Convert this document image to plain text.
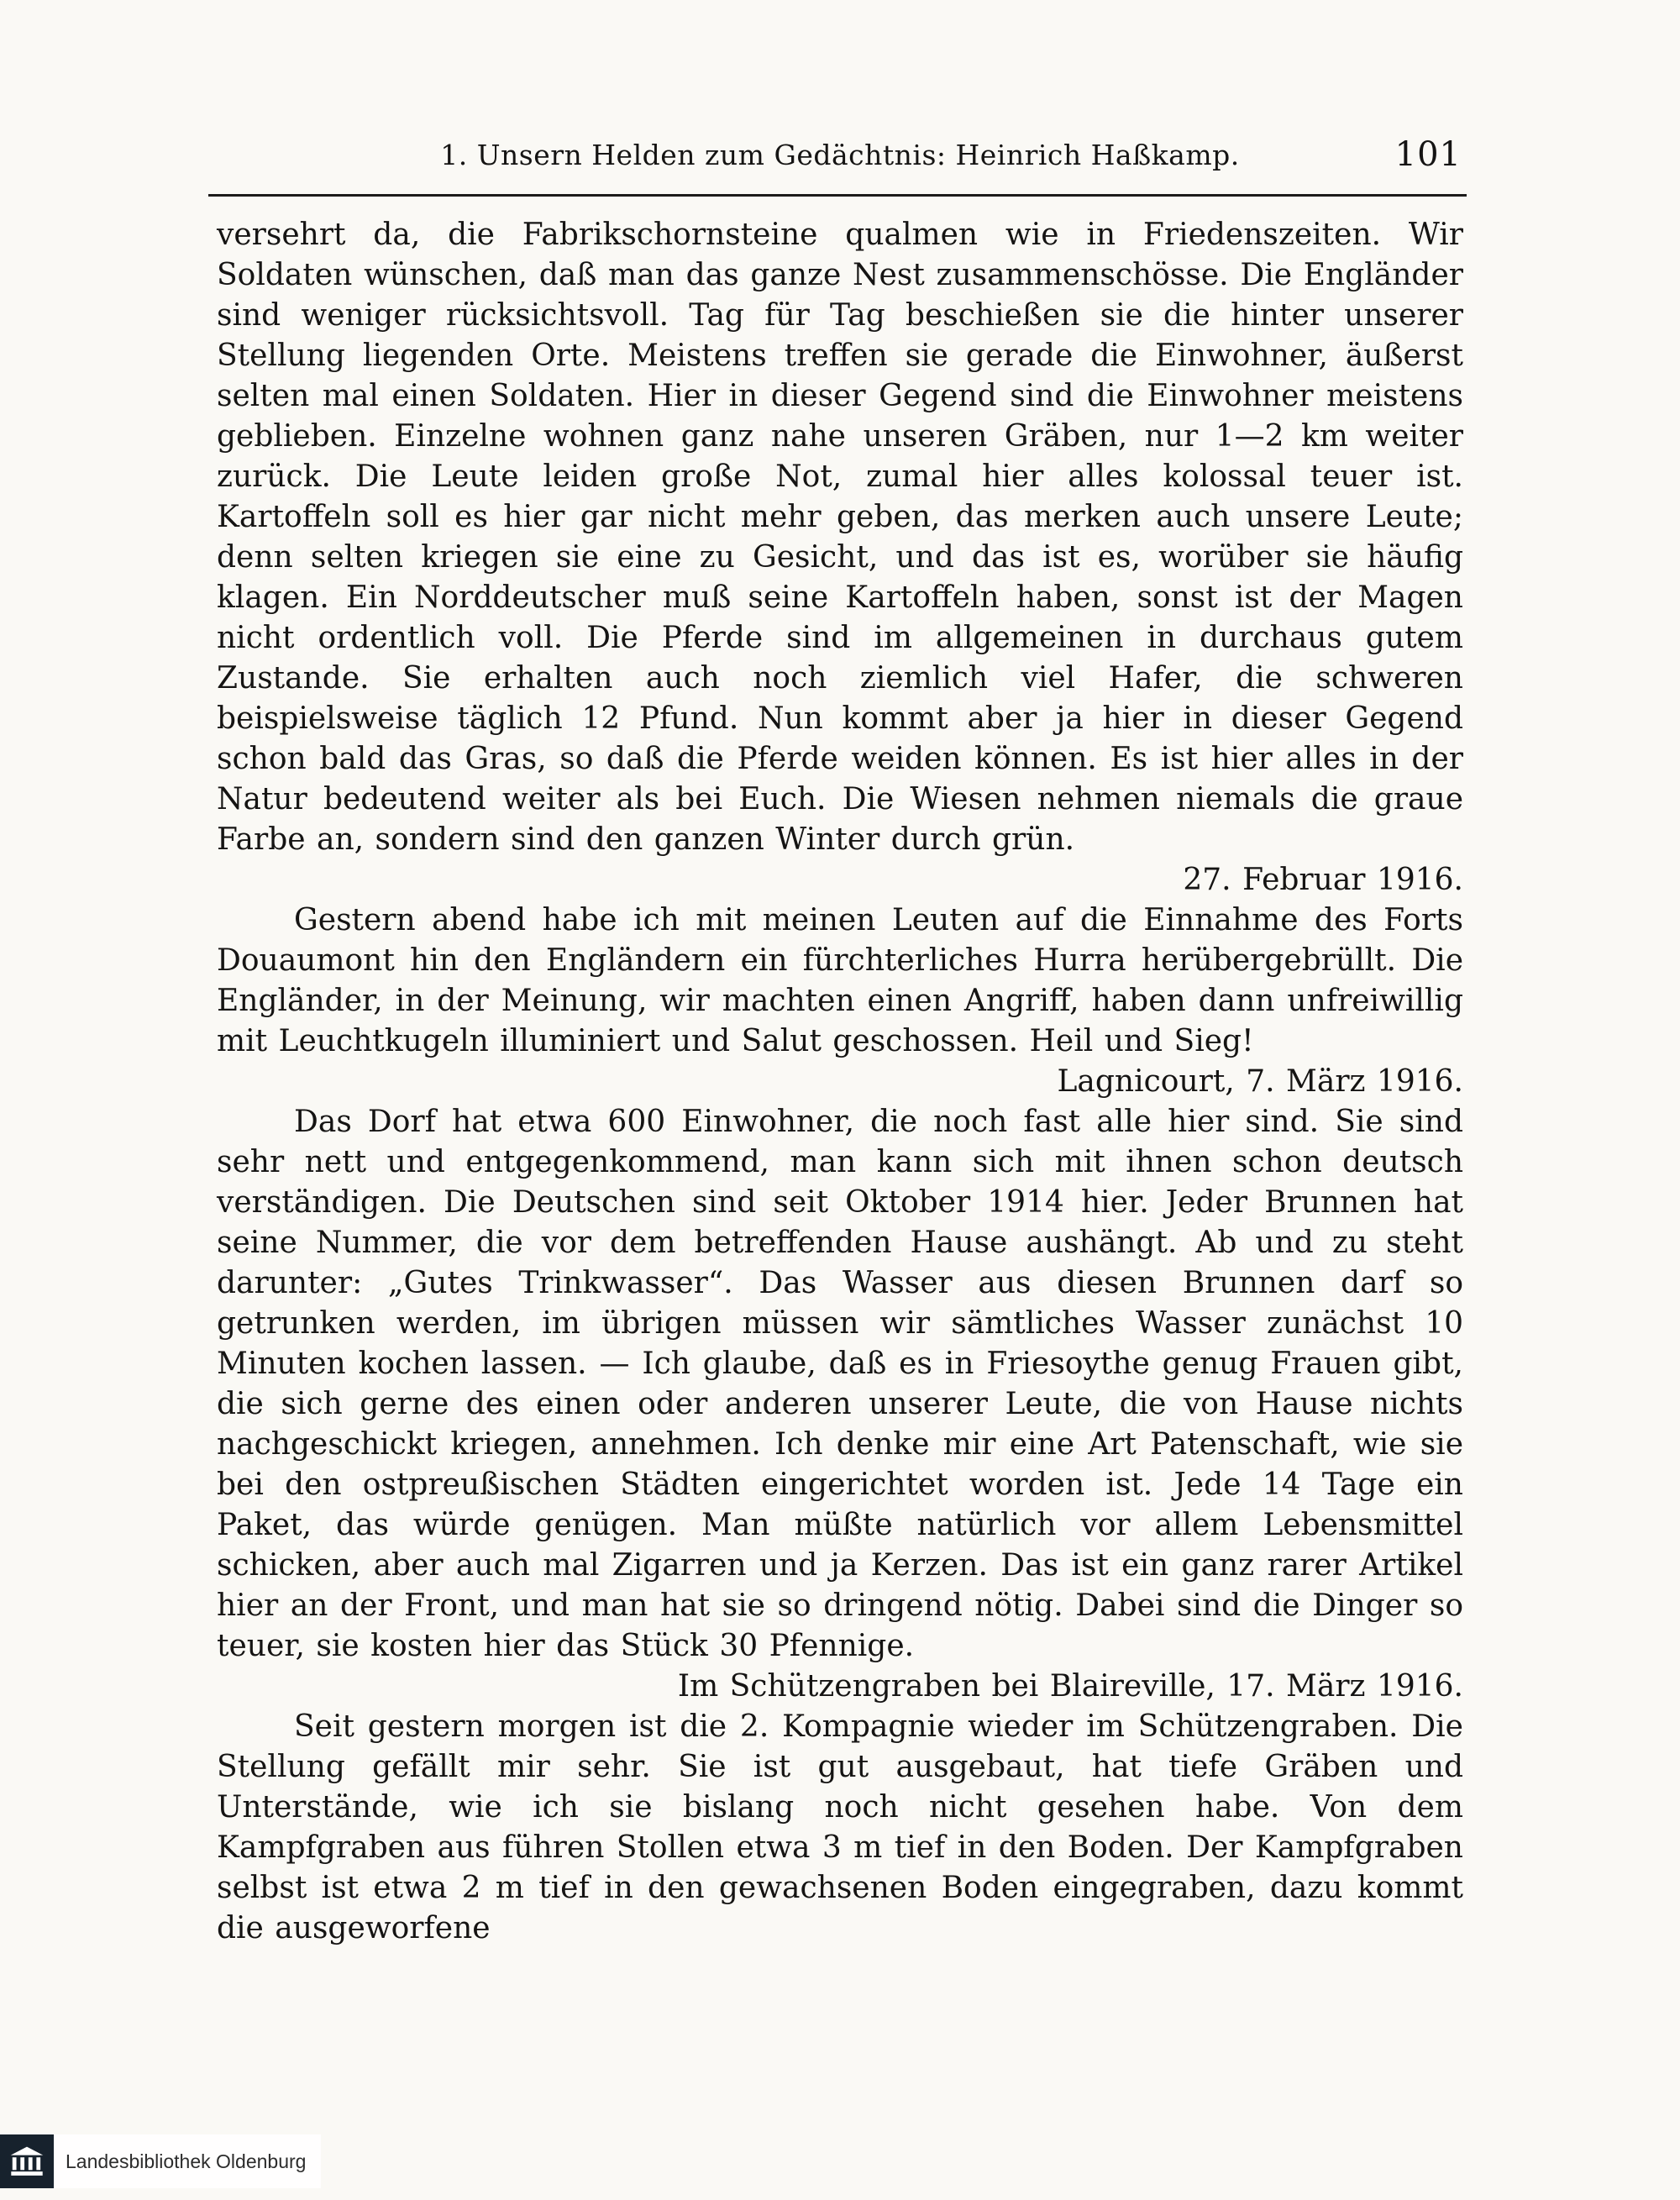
1. Unsern Helden zum Gedächtnis: Heinrich Haßkamp.	101

versehrt da, die Fabrikschornsteine qualmen wie in Friedenszeiten. Wir Soldaten wünschen, daß man das ganze Nest zusammenschösse. Die Engländer sind weniger rücksichtsvoll. Tag für Tag beschießen sie die hinter unserer Stellung liegenden Orte. Meistens treffen sie gerade die Einwohner, äußerst selten mal einen Soldaten. Hier in dieser Gegend sind die Einwohner meistens geblieben. Einzelne wohnen ganz nahe unseren Gräben, nur 1—2 km weiter zurück. Die Leute leiden große Not, zumal hier alles kolossal teuer ist. Kartoffeln soll es hier gar nicht mehr geben, das merken auch unsere Leute; denn selten kriegen sie eine zu Gesicht, und das ist es, worüber sie häufig klagen. Ein Norddeutscher muß seine Kartoffeln haben, sonst ist der Magen nicht ordentlich voll. Die Pferde sind im allgemeinen in durchaus gutem Zustande. Sie erhalten auch noch ziemlich viel Hafer, die schweren beispielsweise täglich 12 Pfund. Nun kommt aber ja hier in dieser Gegend schon bald das Gras, so daß die Pferde weiden können. Es ist hier alles in der Natur bedeutend weiter als bei Euch. Die Wiesen nehmen niemals die graue Farbe an, sondern sind den ganzen Winter durch grün.

27. Februar 1916.

Gestern abend habe ich mit meinen Leuten auf die Einnahme des Forts Douaumont hin den Engländern ein fürchterliches Hurra herübergebrüllt. Die Engländer, in der Meinung, wir machten einen Angriff, haben dann unfreiwillig mit Leuchtkugeln illuminiert und Salut geschossen. Heil und Sieg!

Lagnicourt, 7. März 1916.

Das Dorf hat etwa 600 Einwohner, die noch fast alle hier sind. Sie sind sehr nett und entgegenkommend, man kann sich mit ihnen schon deutsch verständigen. Die Deutschen sind seit Oktober 1914 hier. Jeder Brunnen hat seine Nummer, die vor dem betreffenden Hause aushängt. Ab und zu steht darunter: „Gutes Trinkwasser“. Das Wasser aus diesen Brunnen darf so getrunken werden, im übrigen müssen wir sämtliches Wasser zunächst 10 Minuten kochen lassen. — Ich glaube, daß es in Friesoythe genug Frauen gibt, die sich gerne des einen oder anderen unserer Leute, die von Hause nichts nachgeschickt kriegen, annehmen. Ich denke mir eine Art Patenschaft, wie sie bei den ostpreußischen Städten eingerichtet worden ist. Jede 14 Tage ein Paket, das würde genügen. Man müßte natürlich vor allem Lebensmittel schicken, aber auch mal Zigarren und ja Kerzen. Das ist ein ganz rarer Artikel hier an der Front, und man hat sie so dringend nötig. Dabei sind die Dinger so teuer, sie kosten hier das Stück 30 Pfennige.

Im Schützengraben bei Blaireville, 17. März 1916.

Seit gestern morgen ist die 2. Kompagnie wieder im Schützengraben. Die Stellung gefällt mir sehr. Sie ist gut ausgebaut, hat tiefe Gräben und Unterstände, wie ich sie bislang noch nicht gesehen habe. Von dem Kampfgraben aus führen Stollen etwa 3 m tief in den Boden. Der Kampfgraben selbst ist etwa 2 m tief in den gewachsenen Boden eingegraben, dazu kommt die ausgeworfene

Landesbibliothek Oldenburg
